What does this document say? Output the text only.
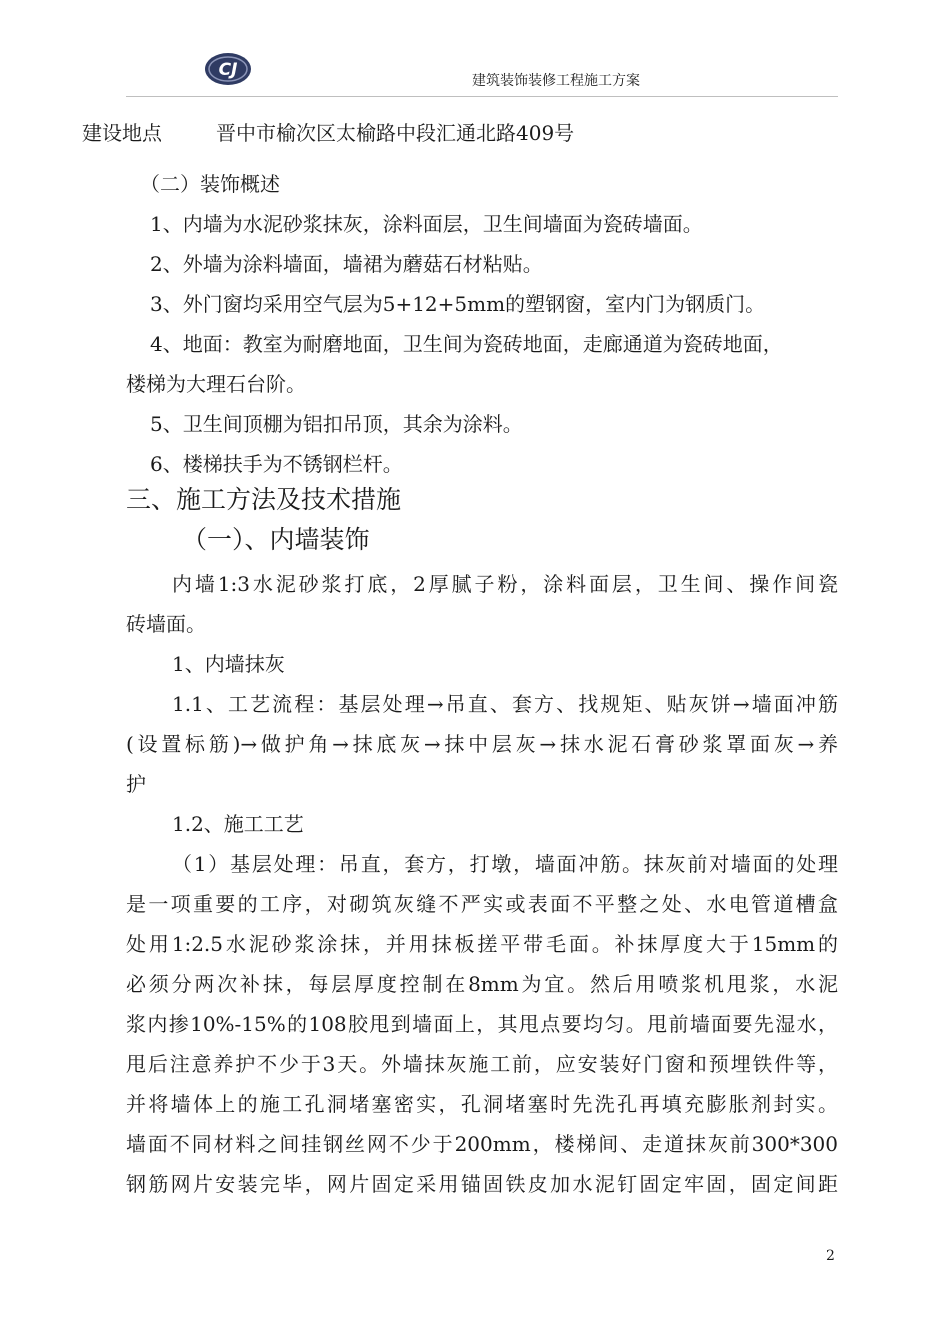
CJ
建筑装饰装修工程施工方案
建设地点	晋中市榆次区太榆路中段汇通北路409号
（二）装饰概述
1、内墙为水泥砂浆抹灰，涂料面层，卫生间墙面为瓷砖墙面。
2、外墙为涂料墙面，墙裙为蘑菇石材粘贴。
3、外门窗均采用空气层为5+12+5mm的塑钢窗，室内门为钢质门。
4、地面：教室为耐磨地面，卫生间为瓷砖地面，走廊通道为瓷砖地面，
楼梯为大理石台阶。
5、卫生间顶棚为铝扣吊顶，其余为涂料。
6、楼梯扶手为不锈钢栏杆。
三、施工方法及技术措施
（一）、内墙装饰
内墙1:3水泥砂浆打底，2厚腻子粉，涂料面层，卫生间、操作间瓷
砖墙面。
1、内墙抹灰
1.1、工艺流程：基层处理→吊直、套方、找规矩、贴灰饼→墙面冲筋
(设置标筋)→做护角→抹底灰→抹中层灰→抹水泥石膏砂浆罩面灰→养
护
1.2、施工工艺
（1）基层处理：吊直，套方，打墩，墙面冲筋。抹灰前对墙面的处理
是一项重要的工序，对砌筑灰缝不严实或表面不平整之处、水电管道槽盒
处用1:2.5水泥砂浆涂抹，并用抹板搓平带毛面。补抹厚度大于15mm的
必须分两次补抹，每层厚度控制在8mm为宜。然后用喷浆机甩浆，水泥
浆内掺10%-15%的108胶甩到墙面上，其甩点要均匀。甩前墙面要先湿水，
甩后注意养护不少于3天。外墙抹灰施工前，应安装好门窗和预埋铁件等，
并将墙体上的施工孔洞堵塞密实，孔洞堵塞时先洗孔再填充膨胀剂封实。
墙面不同材料之间挂钢丝网不少于200mm，楼梯间、走道抹灰前300*300
钢筋网片安装完毕，网片固定采用锚固铁皮加水泥钉固定牢固，固定间距
2
